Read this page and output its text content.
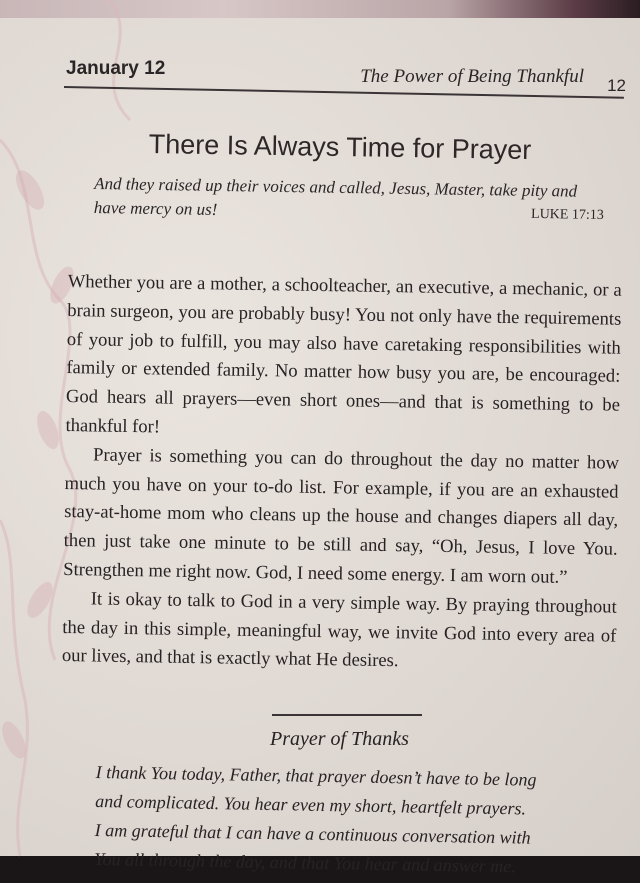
January 12	The Power of Being Thankful 12
There Is Always Time for Prayer
And they raised up their voices and called, Jesus, Master, take pity and have mercy on us!	LUKE 17:13

Whether you are a mother, a schoolteacher, an executive, a mechanic, or a brain surgeon, you are probably busy! You not only have the requirements of your job to fulfill, you may also have caretaking responsibilities with family or extended family. No matter how busy you are, be encouraged: God hears all prayers—even short ones—and that is something to be thankful for!

Prayer is something you can do throughout the day no matter how much you have on your to-do list. For example, if you are an exhausted stay-at-home mom who cleans up the house and changes diapers all day, then just take one minute to be still and say, “Oh, Jesus, I love You. Strengthen me right now. God, I need some energy. I am worn out.”

It is okay to talk to God in a very simple way. By praying throughout the day in this simple, meaningful way, we invite God into every area of our lives, and that is exactly what He desires.

Prayer of Thanks

I thank You today, Father, that prayer doesn’t have to be long

and complicated. You hear even my short, heartfelt prayers.

I am grateful that I can have a continuous conversation with

You all through the day, and that You hear and answer me.
